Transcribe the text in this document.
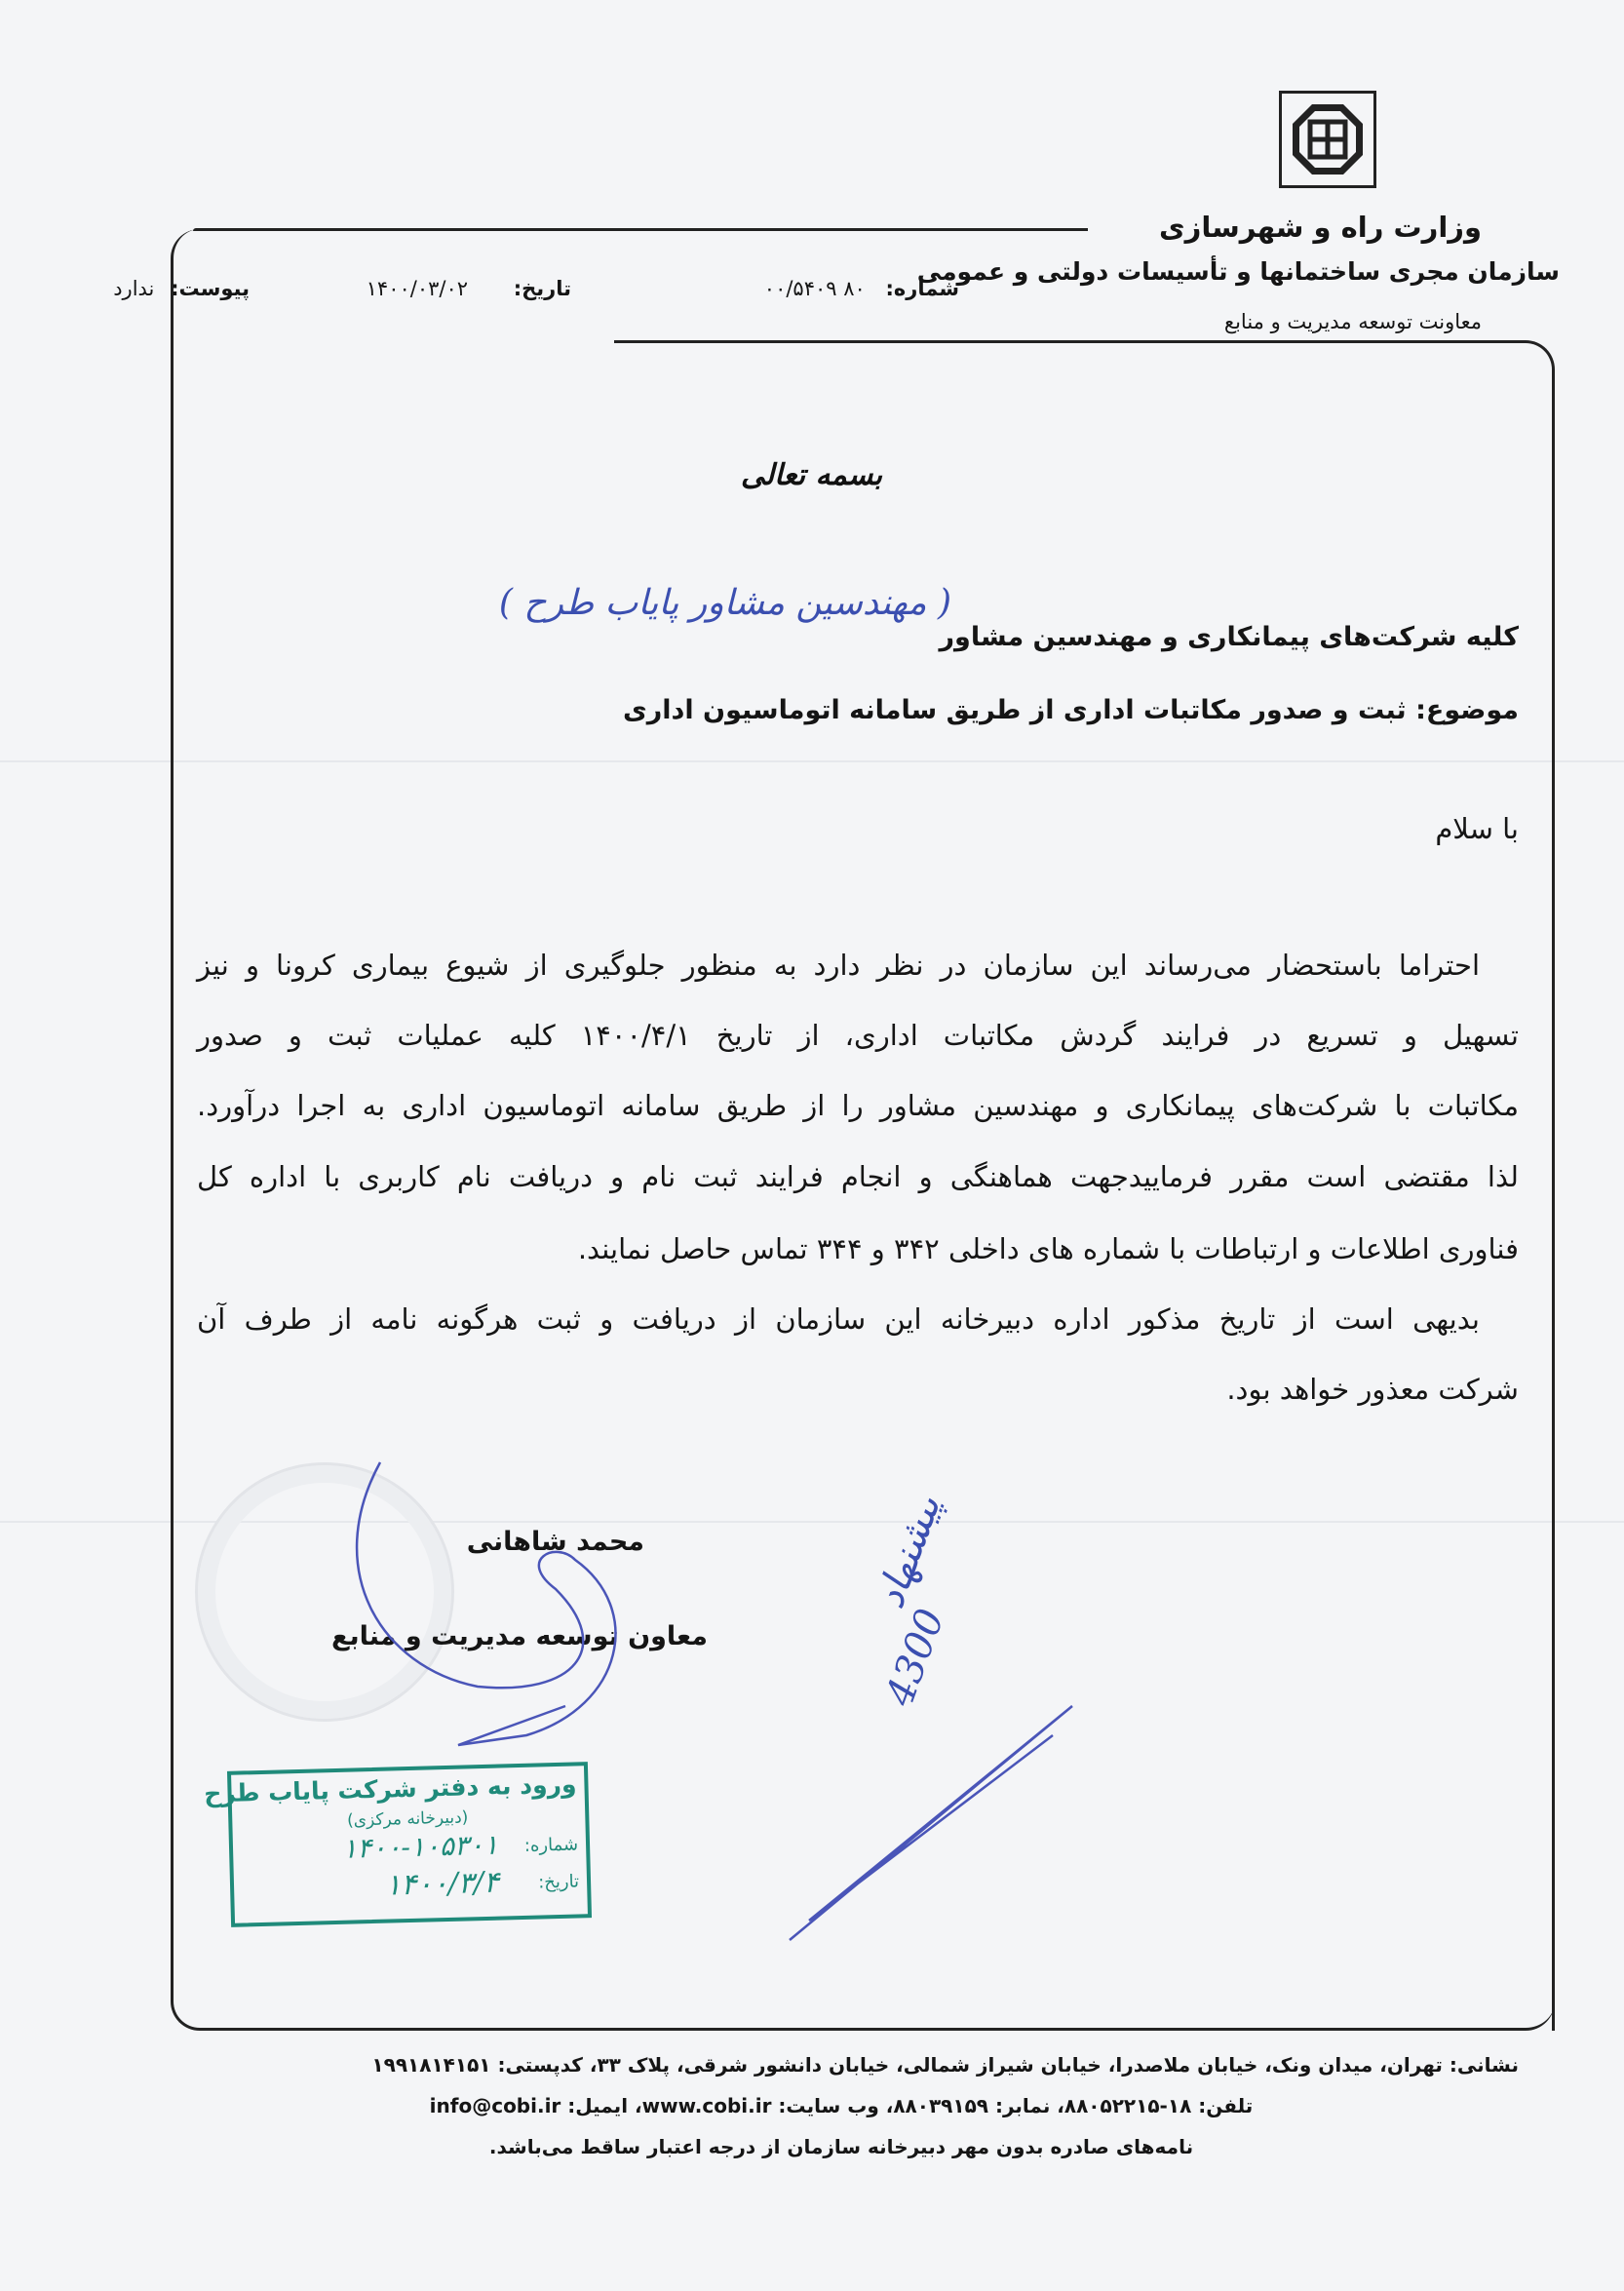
وزارت راه و شهرسازی
سازمان مجری ساختمانها و تأسیسات دولتی و عمومی
معاونت توسعه مدیریت و منابع
شماره: ۸۰ ۰۰/۵۴۰۹
تاریخ: ۱۴۰۰/۰۳/۰۲
پیوست: ندارد
بسمه تعالی
کلیه شرکت‌های پیمانکاری و مهندسین مشاور
( مهندسین مشاور پایاب طرح )
موضوع: ثبت و صدور مکاتبات اداری از طریق سامانه اتوماسیون اداری
با سلام
احتراما باستحضار می‌رساند این سازمان در نظر دارد به منظور جلوگیری از شیوع بیماری کرونا و نیز
تسهیل و تسریع در فرایند گردش مکاتبات اداری، از تاریخ ۱۴۰۰/۴/۱ کلیه عملیات ثبت و صدور
مکاتبات با شرکت‌های پیمانکاری و مهندسین مشاور را از طریق سامانه اتوماسیون اداری به اجرا درآورد.
لذا مقتضی است مقرر فرمایید‌جهت هماهنگی و انجام فرایند ثبت نام و دریافت نام کاربری با اداره کل
فناوری اطلاعات و ارتباطات با شماره های داخلی ۳۴۲ و ۳۴۴ تماس حاصل نمایند.
بدیهی است از تاریخ مذکور اداره دبیرخانه این سازمان از دریافت و ثبت هرگونه نامه از طرف آن
شرکت معذور خواهد بود.
محمد شاهانی
معاون توسعه مدیریت و منابع
پیشنهاد
4300
ورود به دفتر شرکت پایاب طرح
(دبیرخانه مرکزی)
شماره:
۱۴۰۰-۱۰۵۳۰۱
تاریخ:
۱۴۰۰/۳/۴
نشانی: تهران، میدان ونک، خیابان ملاصدرا، خیابان شیراز شمالی، خیابان دانشور شرقی، پلاک ۳۳، کدپستی: ۱۹۹۱۸۱۴۱۵۱
تلفن: ۱۸-۸۸۰۵۲۲۱۵، نمابر: ۸۸۰۳۹۱۵۹، وب سایت: www.cobi.ir، ایمیل: info@cobi.ir
نامه‌های صادره بدون مهر دبیرخانه سازمان از درجه اعتبار ساقط می‌باشد.
